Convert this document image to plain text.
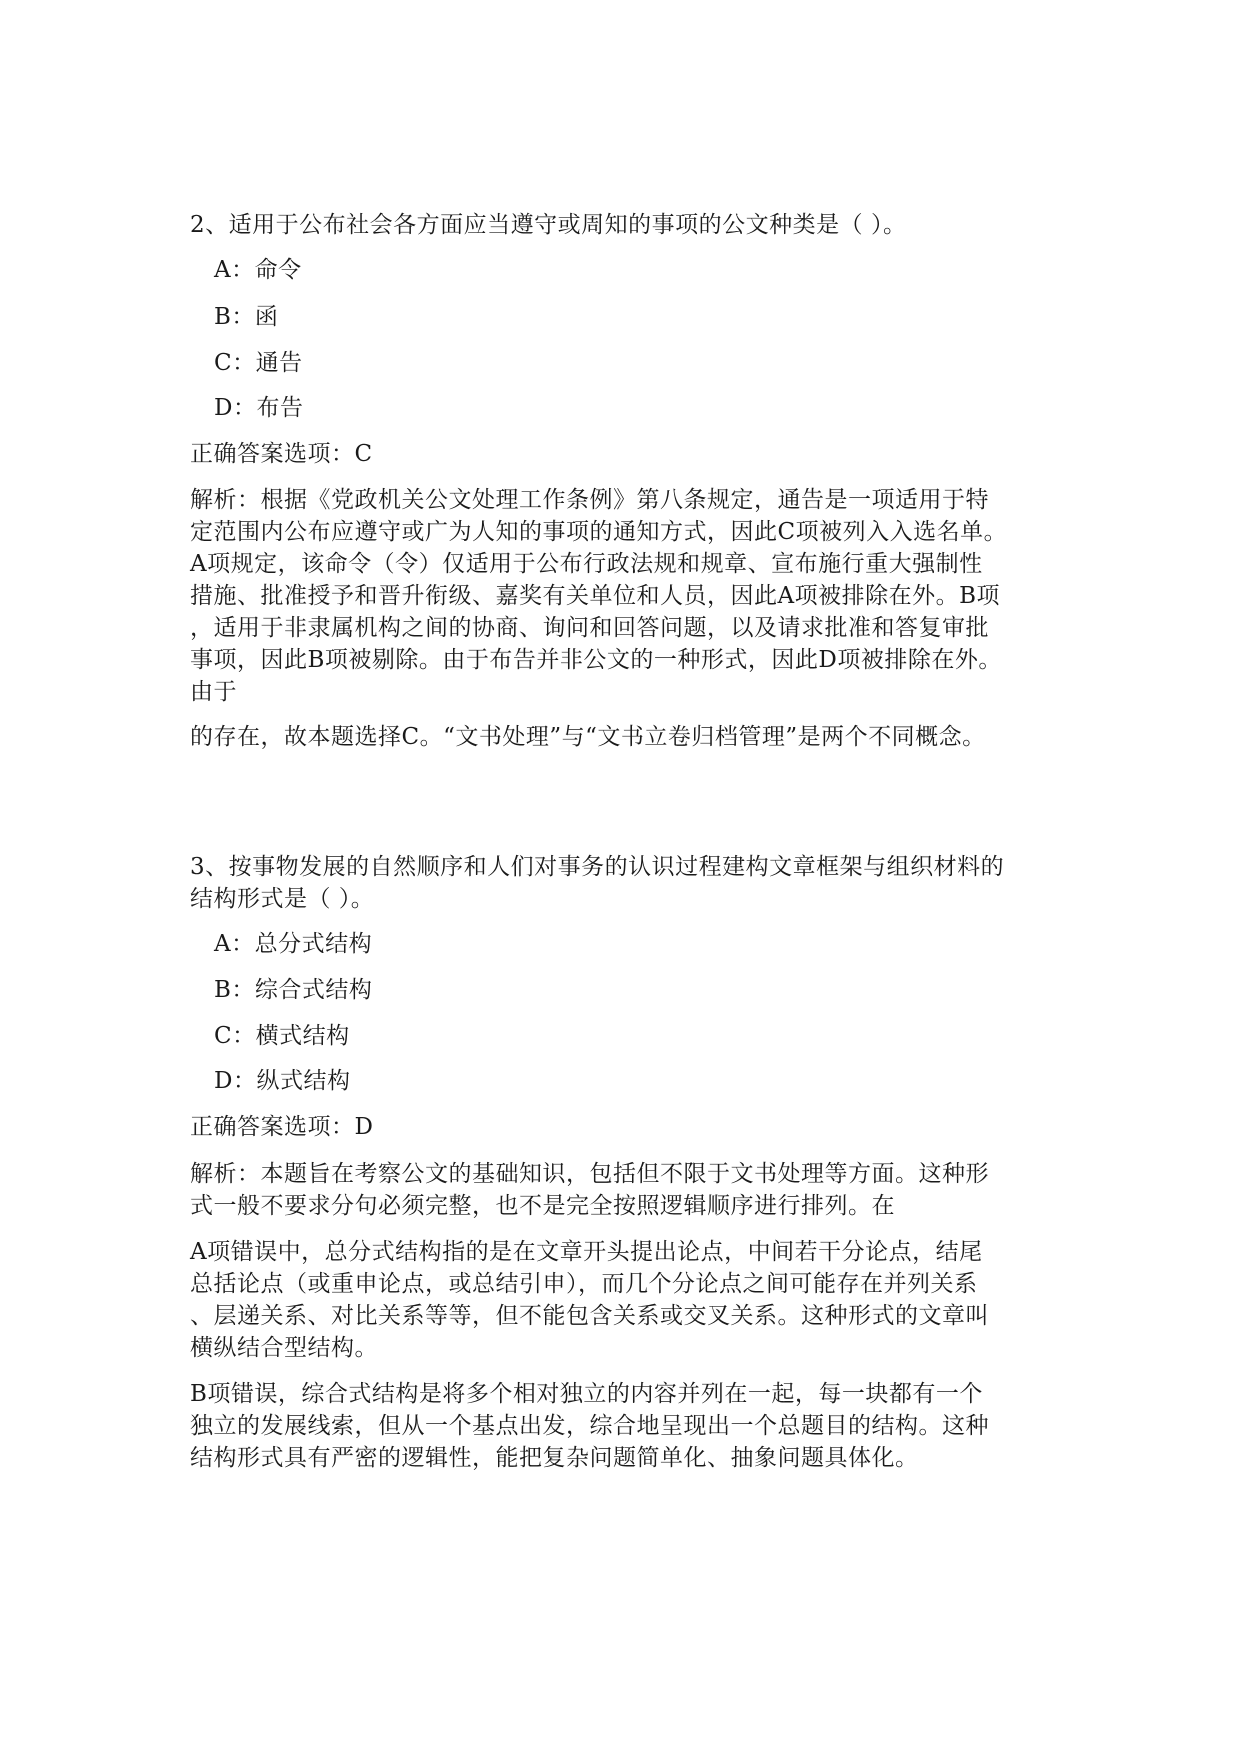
2、适用于公布社会各方面应当遵守或周知的事项的公文种类是（ ）。
A：命令
B：函
C：通告
D：布告
正确答案选项：C
解析：根据《党政机关公文处理工作条例》第八条规定，通告是一项适用于特
定范围内公布应遵守或广为人知的事项的通知方式，因此C项被列入入选名单。
A项规定，该命令（令）仅适用于公布行政法规和规章、宣布施行重大强制性
措施、批准授予和晋升衔级、嘉奖有关单位和人员，因此A项被排除在外。B项
，适用于非隶属机构之间的协商、询问和回答问题，以及请求批准和答复审批
事项，因此B项被剔除。由于布告并非公文的一种形式，因此D项被排除在外。
由于
的存在，故本题选择C。“文书处理”与“文书立卷归档管理”是两个不同概念。
3、按事物发展的自然顺序和人们对事务的认识过程建构文章框架与组织材料的
结构形式是（ ）。
A：总分式结构
B：综合式结构
C：横式结构
D：纵式结构
正确答案选项：D
解析：本题旨在考察公文的基础知识，包括但不限于文书处理等方面。这种形
式一般不要求分句必须完整，也不是完全按照逻辑顺序进行排列。在
A项错误中，总分式结构指的是在文章开头提出论点，中间若干分论点，结尾
总括论点（或重申论点，或总结引申），而几个分论点之间可能存在并列关系
、层递关系、对比关系等等，但不能包含关系或交叉关系。这种形式的文章叫
横纵结合型结构。
B项错误，综合式结构是将多个相对独立的内容并列在一起，每一块都有一个
独立的发展线索，但从一个基点出发，综合地呈现出一个总题目的结构。这种
结构形式具有严密的逻辑性，能把复杂问题简单化、抽象问题具体化。
